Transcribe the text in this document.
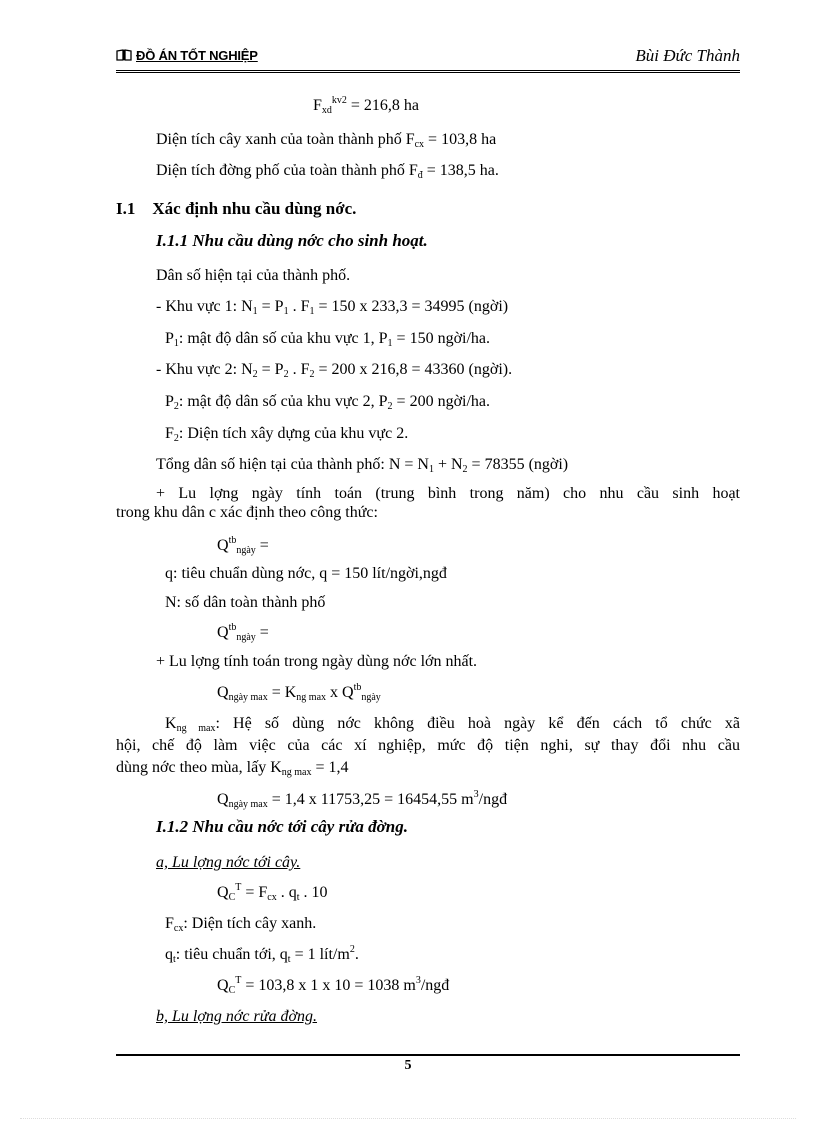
ĐỒ ÁN TỐT NGHIỆP	Bùi Đức Thành
$F_{xd}^{kv2} = 216,8$ ha
Diện tích cây xanh của toàn thành phố $F_{cx} = 103,8$ ha
Diện tích đờng phố của toàn thành phố $F_đ = 138,5$ ha.
I.1 Xác định nhu cầu dùng nớc.
I.1.1 Nhu cầu dùng nớc cho sinh hoạt.
Dân số hiện tại của thành phố.
- Khu vực 1: $N_1 = P_1$ . $F_1 = 150$ x 233,3 = 34995 (ngời)
$P_1$: mật độ dân số của khu vực 1, $P_1 = 150$ ngời/ha.
- Khu vực 2: $N_2 = P_2$ . $F_2 = 200$ x 216,8 = 43360 (ngời).
$P_2$: mật độ dân số của khu vực 2, $P_2 = 200$ ngời/ha.
$F_2$: Diện tích xây dựng của khu vực 2.
Tổng dân số hiện tại của thành phố: $N = N_1 + N_2 = 78355$ (ngời)
+ Lu lợng ngày tính toán (trung bình trong năm) cho nhu cầu sinh hoạt
trong khu dân c xác định theo công thức:
$Q^{tb}_{ngày}$ =
q: tiêu chuẩn dùng nớc, q = 150 lít/ngời,ngđ
N: số dân toàn thành phố
$Q^{tb}_{ngày}$ =
+ Lu lợng tính toán trong ngày dùng nớc lớn nhất.
$Q_{ngày max} = K_{ng max}$ x $Q^{tb}_{ngày}$
$K_{ng max}$: Hệ số dùng nớc không điều hoà ngày kể đến cách tổ chức xã
hội, chế độ làm việc của các xí nghiệp, mức độ tiện nghi, sự thay đổi nhu cầu
dùng nớc theo mùa, lấy $K_{ng max} = 1,4$
$Q_{ngày max} = 1,4$ x 11753,25 = 16454,55 $m^3$/ngđ
I.1.2 Nhu cầu nớc tới cây rửa đờng.
a, Lu lợng nớc tới cây.
$Q_C^T = F_{cx}$ . $q_t$ . 10
$F_{cx}$: Diện tích cây xanh.
$q_t$: tiêu chuẩn tới, $q_t = 1$ lít/$m^2$.
$Q_C^T = 103,8$ x 1 x 10 = 1038 $m^3$/ngđ
b, Lu lợng nớc rửa đờng.
5
